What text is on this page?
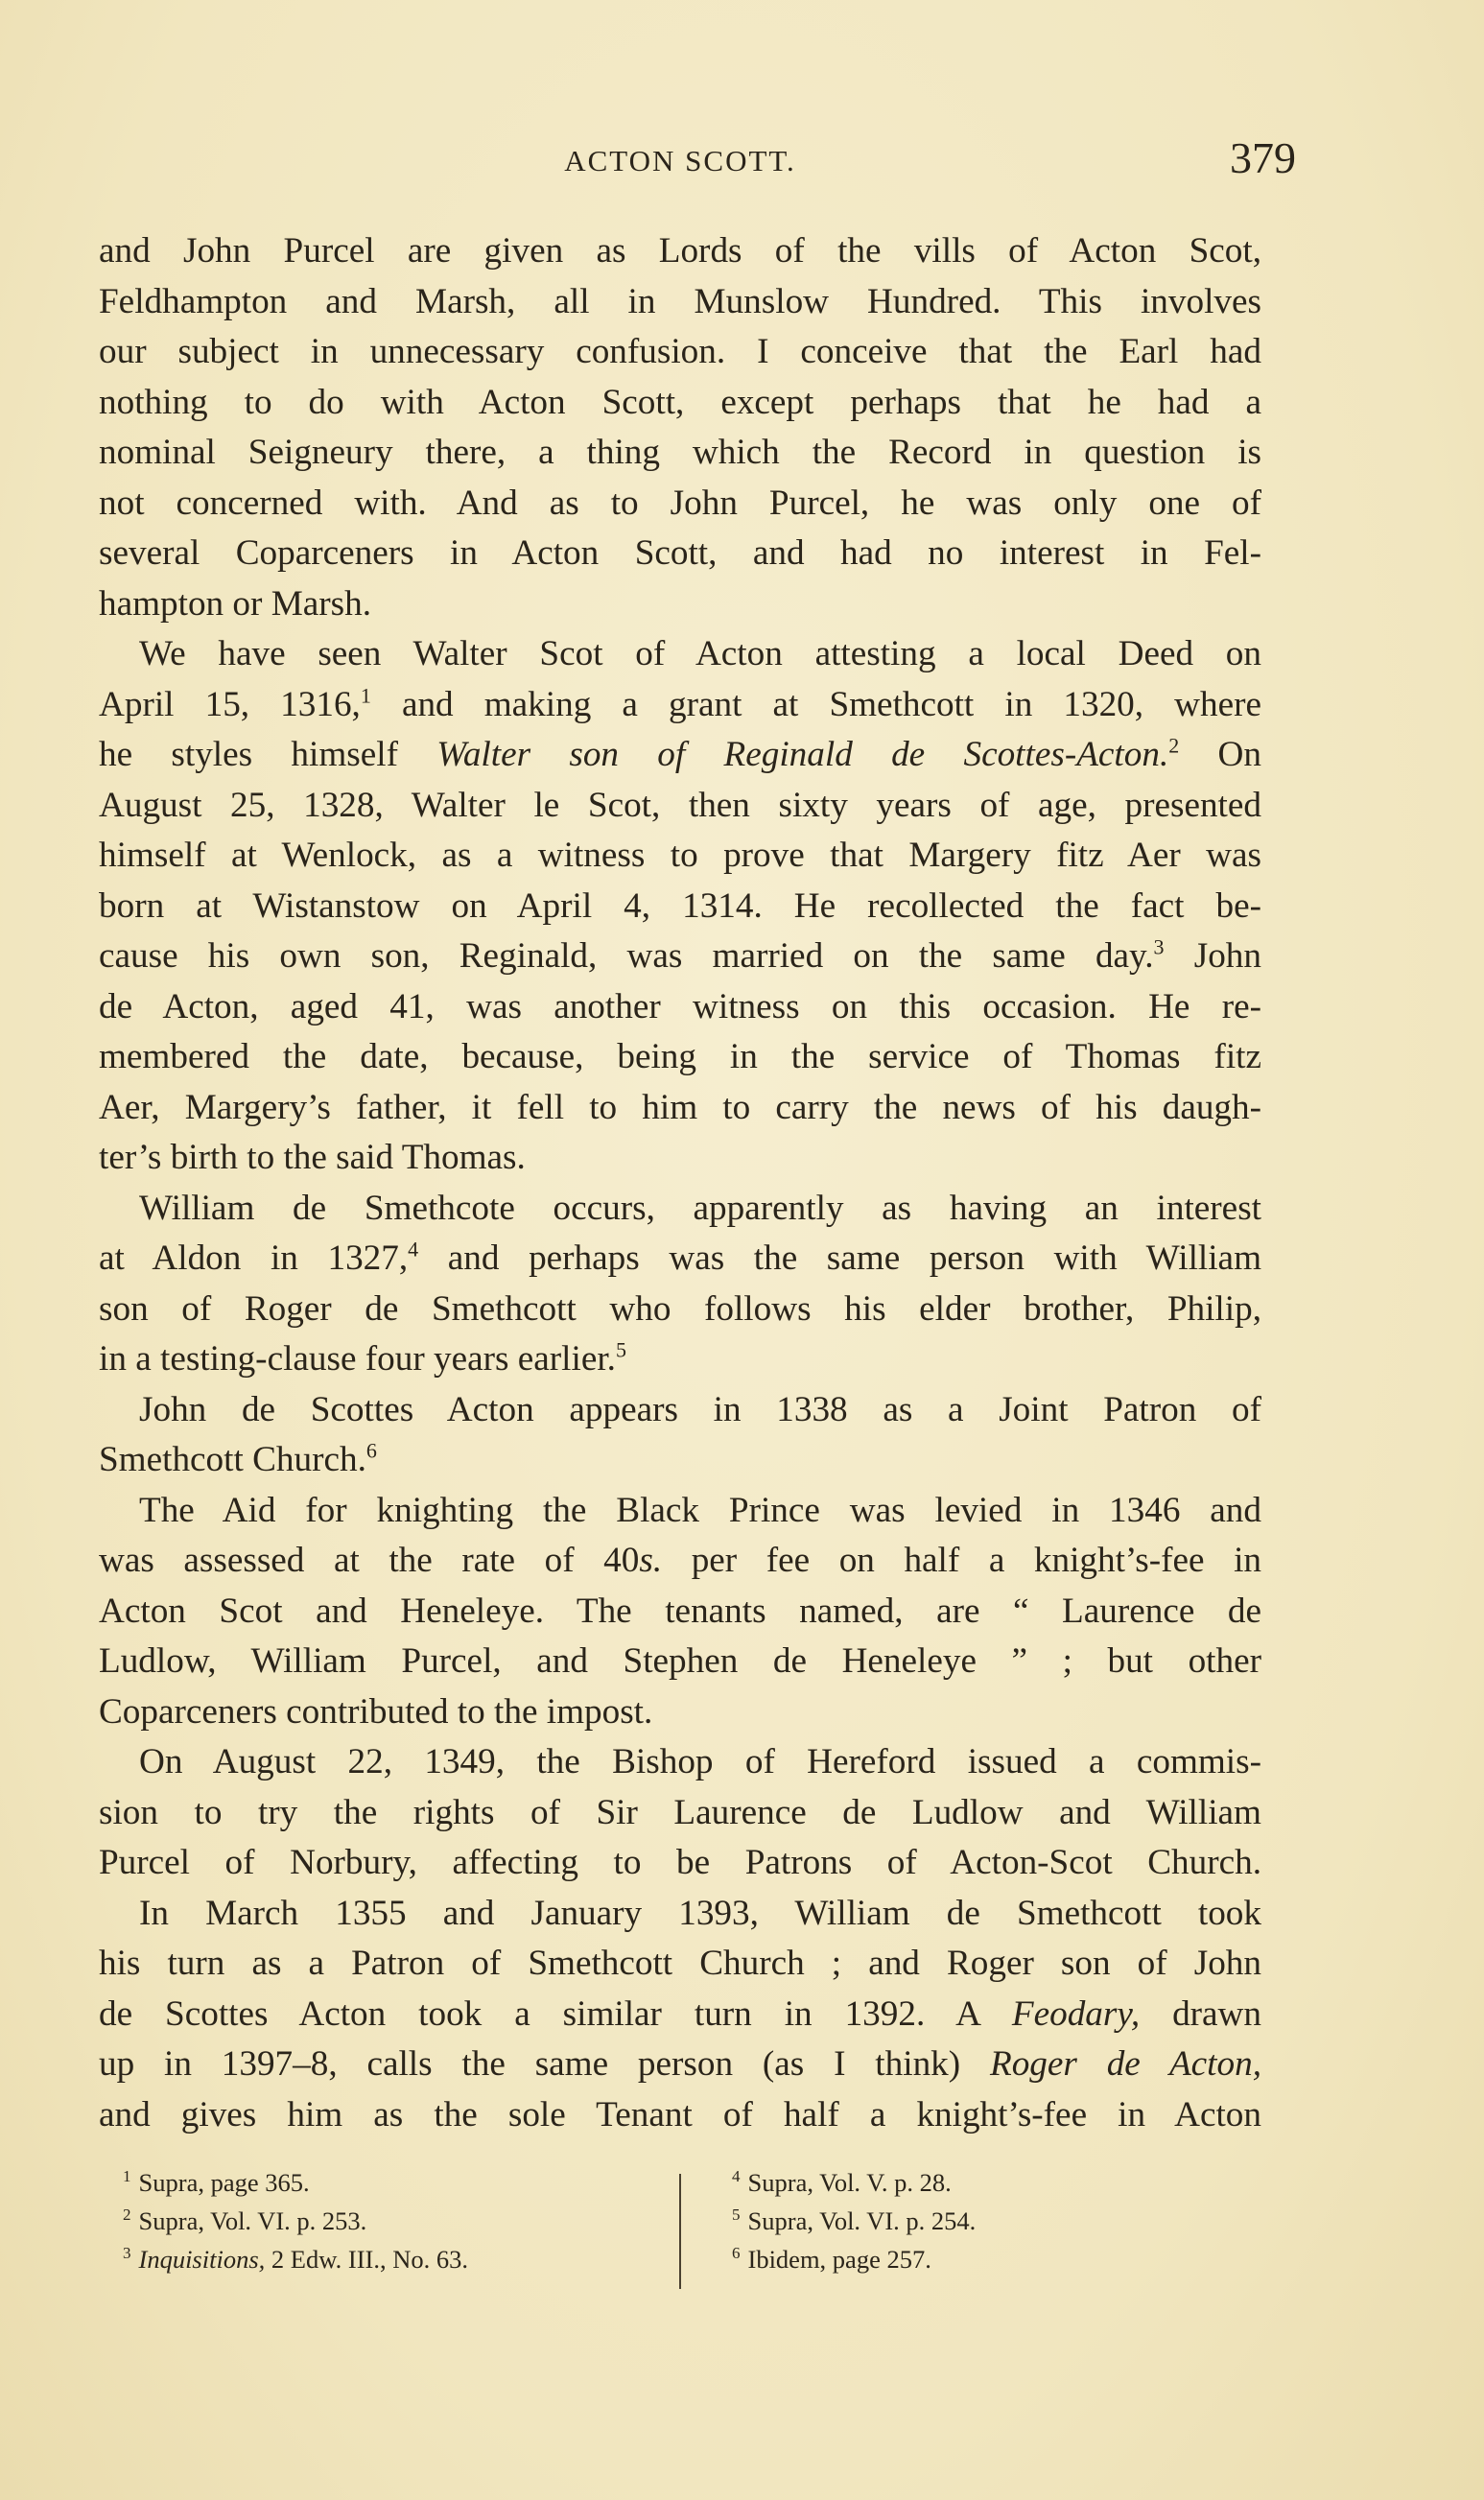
ACTON SCOTT.	379
and John Purcel are given as Lords of the vills of Acton Scot,
Feldhampton and Marsh, all in Munslow Hundred. This involves
our subject in unnecessary confusion. I conceive that the Earl had
nothing to do with Acton Scott, except perhaps that he had a
nominal Seigneury there, a thing which the Record in question is
not concerned with. And as to John Purcel, he was only one of
several Coparceners in Acton Scott, and had no interest in Fel-
hampton or Marsh.
We have seen Walter Scot of Acton attesting a local Deed on
April 15, 1316,$^1$ and making a grant at Smethcott in 1320, where
he styles himself Walter son of Reginald de Scottes-Acton.$^2$ On
August 25, 1328, Walter le Scot, then sixty years of age, presented
himself at Wenlock, as a witness to prove that Margery fitz Aer was
born at Wistanstow on April 4, 1314. He recollected the fact be-
cause his own son, Reginald, was married on the same day.$^3$ John
de Acton, aged 41, was another witness on this occasion. He re-
membered the date, because, being in the service of Thomas fitz
Aer, Margery’s father, it fell to him to carry the news of his daugh-
ter’s birth to the said Thomas.
William de Smethcote occurs, apparently as having an interest
at Aldon in 1327,$^4$ and perhaps was the same person with William
son of Roger de Smethcott who follows his elder brother, Philip,
in a testing-clause four years earlier.$^5$
John de Scottes Acton appears in 1338 as a Joint Patron of
Smethcott Church.$^6$
The Aid for knighting the Black Prince was levied in 1346 and
was assessed at the rate of 40s. per fee on half a knight’s-fee in
Acton Scot and Heneleye. The tenants named, are “ Laurence de
Ludlow, William Purcel, and Stephen de Heneleye ” ; but other
Coparceners contributed to the impost.
On August 22, 1349, the Bishop of Hereford issued a commis-
sion to try the rights of Sir Laurence de Ludlow and William
Purcel of Norbury, affecting to be Patrons of Acton-Scot Church.
In March 1355 and January 1393, William de Smethcott took
his turn as a Patron of Smethcott Church ; and Roger son of John
de Scottes Acton took a similar turn in 1392. A Feodary, drawn
up in 1397–8, calls the same person (as I think) Roger de Acton,
and gives him as the sole Tenant of half a knight’s-fee in Acton
$^1$ Supra, page 365.
$^2$ Supra, Vol. VI. p. 253.
$^3$ Inquisitions, 2 Edw. III., No. 63.
$^4$ Supra, Vol. V. p. 28.
$^5$ Supra, Vol. VI. p. 254.
$^6$ Ibidem, page 257.
